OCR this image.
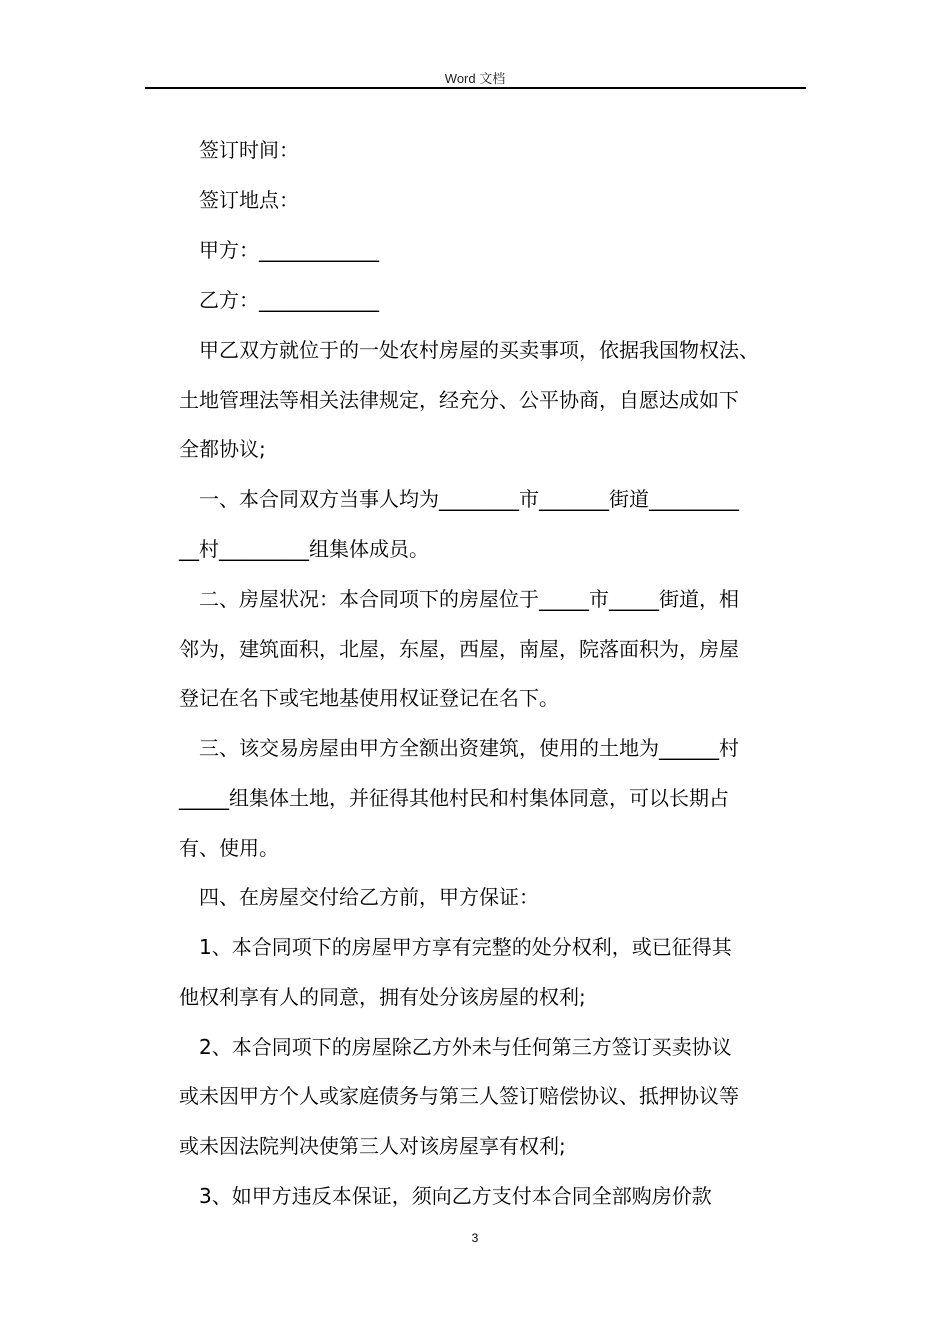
Word 文档
签订时间：
签订地点：
甲方：____________
乙方：____________
甲乙双方就位于的一处农村房屋的买卖事项，依据我国物权法、
土地管理法等相关法律规定，经充分、公平协商，自愿达成如下
全都协议;
一、本合同双方当事人均为________市_______街道_________
__村_________组集体成员。
二、房屋状况：本合同项下的房屋位于_____市_____街道，相
邻为，建筑面积，北屋，东屋，西屋，南屋，院落面积为，房屋
登记在名下或宅地基使用权证登记在名下。
三、该交易房屋由甲方全额出资建筑，使用的土地为______村
_____组集体土地，并征得其他村民和村集体同意，可以长期占
有、使用。
四、在房屋交付给乙方前，甲方保证：
1、本合同项下的房屋甲方享有完整的处分权利，或已征得其
他权利享有人的同意，拥有处分该房屋的权利;
2、本合同项下的房屋除乙方外未与任何第三方签订买卖协议
或未因甲方个人或家庭债务与第三人签订赔偿协议、抵押协议等
或未因法院判决使第三人对该房屋享有权利;
3、如甲方违反本保证，须向乙方支付本合同全部购房价款
3
